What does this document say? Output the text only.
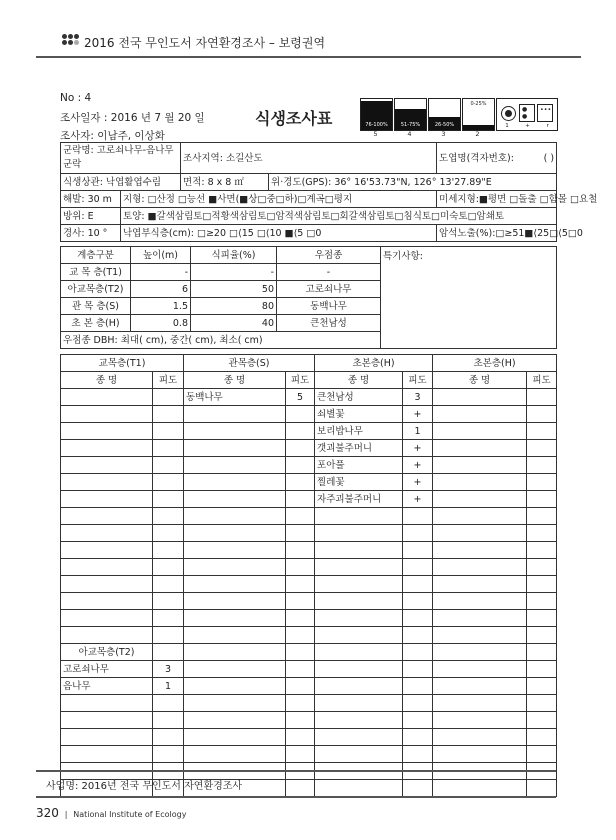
2016 전국 무인도서 자연환경조사 – 보령권역
No : 4
조사일자 : 2016 년 7 월 20 일
조사자: 이남주, 이상화
식생조사표	76-100%
5
51-75%
4
26-50%
3
0-25%
2
● ●
∙∙∙
1	+	r
군락명: 고로쇠나무-음나무
군락		조사지역: 소길산도		도엽명(격자번호): ( )

식생상관: 낙엽활엽수림		면적: 8 x 8 ㎡	위·경도(GPS): 36° 16'53.73"N, 126° 13'27.89"E	
해발: 30 m	지형: □산정 □능선 ■사면(■상□중□하)□계곡□평지			미세지형:■평면 □돌출 □함몰 □요철
방위: E	토양: ■갈색삼림토□적황색삼림토□암적색삼림토□회갈색삼림토□침식토□미숙토□암쇄토			
경사: 10 °	낙엽부식층(cm): □≥20 □⟨15 □⟨10 ■⟨5 □0			암석노출(%):□≥51■⟨25□⟨5□0
계층구분	높이(m)	식피율(%)	우점종	특기사항:
교 목 층(T1)	-	-	-	
아교목층(T2)	6	50	고로쇠나무	
관 목 층(S)	1.5	80	동백나무	
초 본 층(H)	0.8	40	큰천남성	
우점종 DBH: 최대( cm), 중간( cm), 최소( cm)				
교목층(T1)		관목층(S)		초본층(H)		초본층(H)	
종 명	피도	종 명	피도	종 명	피도	종 명	피도
		동백나무	5	큰천남성	3		
				쇠별꽃	+		
				보리밥나무	1		
				갯괴불주머니	+		
				포아풀	+		
				찔레꽃	+		
				자주괴불주머니	+		

아교목층(T2)							
고로쇠나무	3						
음나무	1						

사업명: 2016년 전국 무인도서 자연환경조사
320 | National Institute of Ecology
